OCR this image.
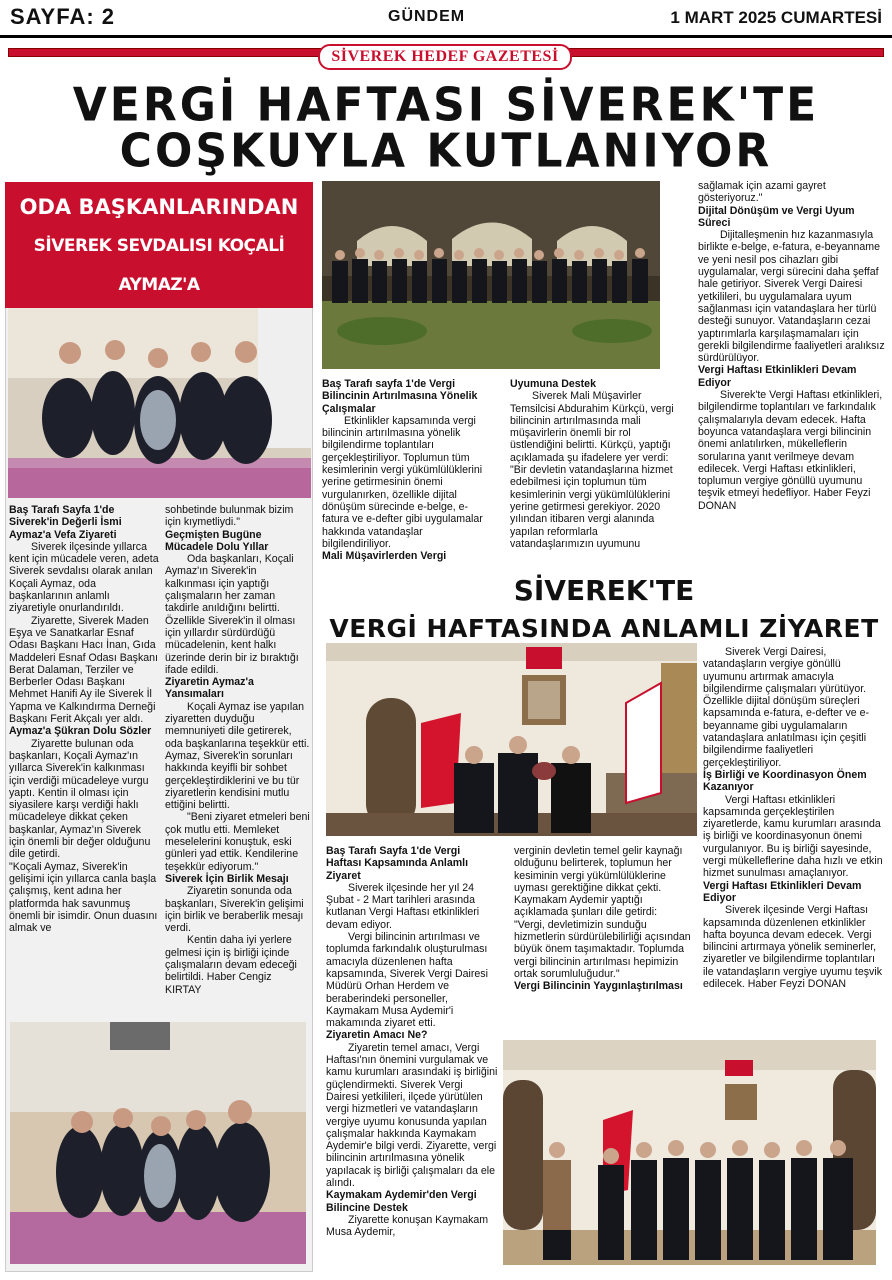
SAYFA: 2	GÜNDEM	1 MART 2025 CUMARTESİ
SİVEREK HEDEF GAZETESİ
VERGİ HAFTASI SİVEREK'TE
COŞKUYLA KUTLANIYOR
ODA BAŞKANLARINDAN
SİVEREK SEVDALISI KOÇALİ AYMAZ'A

Baş Tarafı Sayfa 1'de Siverek'in Değerli İsmi Aymaz'a Vefa Ziyareti

Siverek ilçesinde yıllarca kent için mücadele veren, adeta Siverek sevdalısı olarak anılan Koçali Aymaz, oda başkanlarının anlamlı ziyaretiyle onurlandırıldı.

Ziyarette, Siverek Maden Eşya ve Sanatkarlar Esnaf Odası Başkanı Hacı İnan, Gıda Maddeleri Esnaf Odası Başkanı Berat Dalaman, Terziler ve Berberler Odası Başkanı Mehmet Hanifi Ay ile Siverek İl Yapma ve Kalkındırma Derneği Başkanı Ferit Akçalı yer aldı.

Aymaz'a Şükran Dolu Sözler

Ziyarette bulunan oda başkanları, Koçali Aymaz'ın yıllarca Siverek'in kalkınması için verdiği mücadeleye vurgu yaptı. Kentin il olması için siyasilere karşı verdiği haklı mücadeleye dikkat çeken başkanlar, Aymaz'ın Siverek için önemli bir değer olduğunu dile getirdi.

"Koçali Aymaz, Siverek'in gelişimi için yıllarca canla başla çalışmış, kent adına her platformda hak savunmuş önemli bir isimdir. Onun duasını almak ve

sohbetinde bulunmak bizim için kıymetliydi."

Geçmişten Bugüne Mücadele Dolu Yıllar

Oda başkanları, Koçali Aymaz'ın Siverek'in kalkınması için yaptığı çalışmaların her zaman takdirle anıldığını belirtti. Özellikle Siverek'in il olması için yıllardır sürdürdüğü mücadelenin, kent halkı üzerinde derin bir iz bıraktığı ifade edildi.

Ziyaretin Aymaz'a Yansımaları

Koçali Aymaz ise yapılan ziyaretten duyduğu memnuniyeti dile getirerek, oda başkanlarına teşekkür etti. Aymaz, Siverek'in sorunları hakkında keyifli bir sohbet gerçekleştirdiklerini ve bu tür ziyaretlerin kendisini mutlu ettiğini belirtti.

"Beni ziyaret etmeleri beni çok mutlu etti. Memleket meselelerini konuştuk, eski günleri yad ettik. Kendilerine teşekkür ediyorum."

Siverek İçin Birlik Mesajı

Ziyaretin sonunda oda başkanları, Siverek'in gelişimi için birlik ve beraberlik mesajı verdi.

Kentin daha iyi yerlere gelmesi için iş birliği içinde çalışmaların devam edeceği belirtildi. Haber Cengiz KIRTAY

Baş Tarafı sayfa 1'de Vergi Bilincinin Artırılmasına Yönelik Çalışmalar

Etkinlikler kapsamında vergi bilincinin artırılmasına yönelik bilgilendirme toplantıları gerçekleştiriliyor. Toplumun tüm kesimlerinin vergi yükümlülüklerini yerine getirmesinin önemi vurgulanırken, özellikle dijital dönüşüm sürecinde e-belge, e-fatura ve e-defter gibi uygulamalar hakkında vatandaşlar bilgilendiriliyor.

Mali Müşavirlerden Vergi

Uyumuna Destek

Siverek Mali Müşavirler Temsilcisi Abdurahim Kürkçü, vergi bilincinin artırılmasında mali müşavirlerin önemli bir rol üstlendiğini belirtti. Kürkçü, yaptığı açıklamada şu ifadelere yer verdi:

"Bir devletin vatandaşlarına hizmet edebilmesi için toplumun tüm kesimlerinin vergi yükümlülüklerini yerine getirmesi gerekiyor. 2020 yılından itibaren vergi alanında yapılan reformlarla vatandaşlarımızın uyumunu

sağlamak için azami gayret gösteriyoruz."

Dijital Dönüşüm ve Vergi Uyum Süreci

Dijitalleşmenin hız kazanmasıyla birlikte e-belge, e-fatura, e-beyanname ve yeni nesil pos cihazları gibi uygulamalar, vergi sürecini daha şeffaf hale getiriyor. Siverek Vergi Dairesi yetkilileri, bu uygulamalara uyum sağlanması için vatandaşlara her türlü desteği sunuyor. Vatandaşların cezai yaptırımlarla karşılaşmamaları için gerekli bilgilendirme faaliyetleri aralıksız sürdürülüyor.

Vergi Haftası Etkinlikleri Devam Ediyor

Siverek'te Vergi Haftası etkinlikleri, bilgilendirme toplantıları ve farkındalık çalışmalarıyla devam edecek. Hafta boyunca vatandaşlara vergi bilincinin önemi anlatılırken, mükelleflerin sorularına yanıt verilmeye devam edilecek. Vergi Haftası etkinlikleri, toplumun vergiye gönüllü uyumunu teşvik etmeyi hedefliyor. Haber Feyzi DONAN

SİVEREK'TE
VERGİ HAFTASINDA ANLAMLI ZİYARET

Siverek Vergi Dairesi, vatandaşların vergiye gönüllü uyumunu artırmak amacıyla bilgilendirme çalışmaları yürütüyor. Özellikle dijital dönüşüm süreçleri kapsamında e-fatura, e-defter ve e-beyanname gibi uygulamaların vatandaşlara anlatılması için çeşitli bilgilendirme faaliyetleri gerçekleştiriliyor.

İş Birliği ve Koordinasyon Önem Kazanıyor

Vergi Haftası etkinlikleri kapsamında gerçekleştirilen ziyaretlerde, kamu kurumları arasında iş birliği ve koordinasyonun önemi vurgulanıyor. Bu iş birliği sayesinde, vergi mükelleflerine daha hızlı ve etkin hizmet sunulması amaçlanıyor.

Vergi Haftası Etkinlikleri Devam Ediyor

Siverek ilçesinde Vergi Haftası kapsamında düzenlenen etkinlikler hafta boyunca devam edecek. Vergi bilincini artırmaya yönelik seminerler, ziyaretler ve bilgilendirme toplantıları ile vatandaşların vergiye uyumu teşvik edilecek. Haber Feyzi DONAN

Baş Tarafı Sayfa 1'de Vergi Haftası Kapsamında Anlamlı Ziyaret

Siverek ilçesinde her yıl 24 Şubat - 2 Mart tarihleri arasında kutlanan Vergi Haftası etkinlikleri devam ediyor.

Vergi bilincinin artırılması ve toplumda farkındalık oluşturulması amacıyla düzenlenen hafta kapsamında, Siverek Vergi Dairesi Müdürü Orhan Herdem ve beraberindeki personeller, Kaymakam Musa Aydemir'i makamında ziyaret etti.

Ziyaretin Amacı Ne?

Ziyaretin temel amacı, Vergi Haftası'nın önemini vurgulamak ve kamu kurumları arasındaki iş birliğini güçlendirmekti. Siverek Vergi Dairesi yetkilileri, ilçede yürütülen vergi hizmetleri ve vatandaşların vergiye uyumu konusunda yapılan çalışmalar hakkında Kaymakam Aydemir'e bilgi verdi. Ziyarette, vergi bilincinin artırılmasına yönelik yapılacak iş birliği çalışmaları da ele alındı.

Kaymakam Aydemir'den Vergi Bilincine Destek

Ziyarette konuşan Kaymakam Musa Aydemir,

verginin devletin temel gelir kaynağı olduğunu belirterek, toplumun her kesiminin vergi yükümlülüklerine uyması gerektiğine dikkat çekti. Kaymakam Aydemir yaptığı açıklamada şunları dile getirdi:

"Vergi, devletimizin sunduğu hizmetlerin sürdürülebilirliği açısından büyük önem taşımaktadır. Toplumda vergi bilincinin artırılması hepimizin ortak sorumluluğudur."

Vergi Bilincinin Yaygınlaştırılması
